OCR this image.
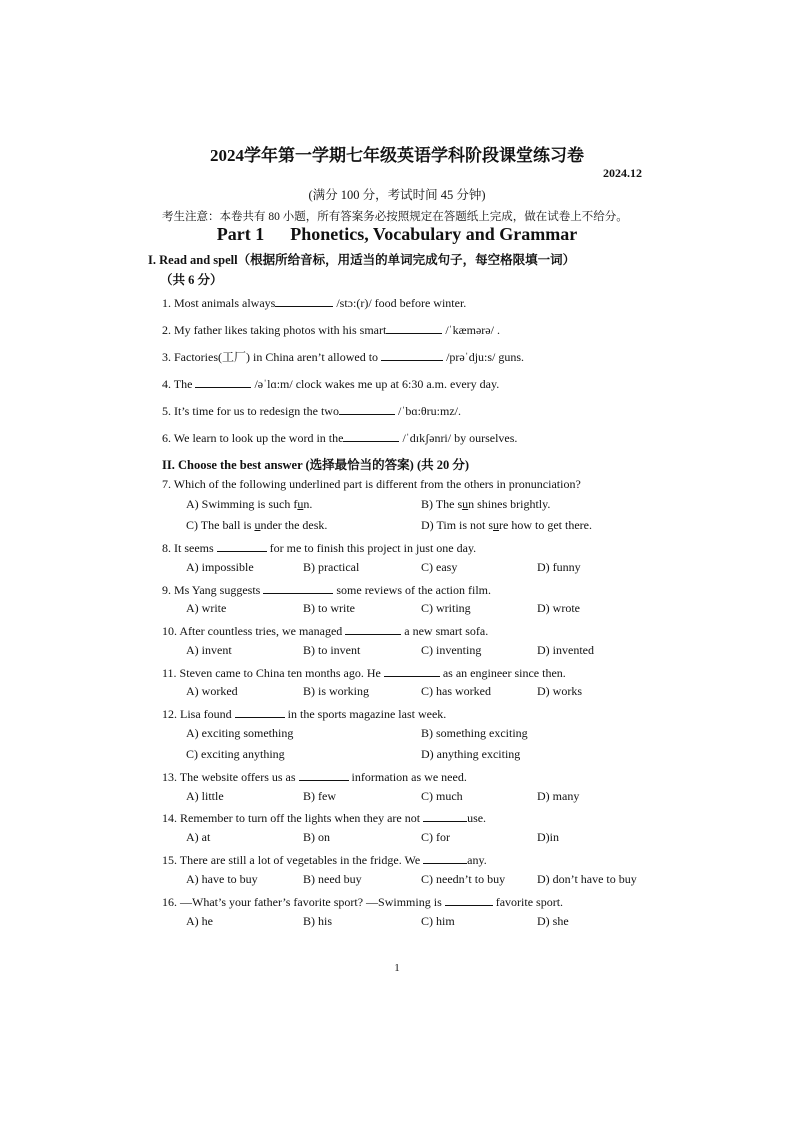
2024学年第一学期七年级英语学科阶段课堂练习卷
2024.12
(满分 100 分，考试时间 45 分钟)
考生注意：本卷共有 80 小题，所有答案务必按照规定在答题纸上完成，做在试卷上不给分。
Part 1 Phonetics, Vocabulary and Grammar
I. Read and spell（根据所给音标，用适当的单词完成句子，每空格限填一词）
（共 6 分）
1. Most animals always	/stɔ:(r)/ food before winter.
2. My father likes taking photos with his smart	/ˈkæmərə/ .
3. Factories(工厂) in China aren’t allowed to	/prəˈdju:s/ guns.
4. The	/əˈlɑ:m/ clock wakes me up at 6:30 a.m. every day.
5. It’s time for us to redesign the two	/ˈbɑ:θru:mz/.
6. We learn to look up the word in the	/ˈdɪkʃənri/ by ourselves.
II. Choose the best answer (选择最恰当的答案) (共 20 分)
7. Which of the following underlined part is different from the others in pronunciation?
A) Swimming is such fun.	B) The sun shines brightly.
C) The ball is under the desk.	D) Tim is not sure how to get there.
8. It seems	for me to finish this project in just one day.
A) impossible	B) practical	C) easy	D) funny
9. Ms Yang suggests	some reviews of the action film.
A) write	B) to write	C) writing	D) wrote
10. After countless tries, we managed	a new smart sofa.
A) invent	B) to invent	C) inventing	D) invented
11. Steven came to China ten months ago. He	as an engineer since then.
A) worked	B) is working	C) has worked	D) works
12. Lisa found	in the sports magazine last week.
A) exciting something	B) something exciting
C) exciting anything	D) anything exciting
13. The website offers us as	information as we need.
A) little	B) few	C) much	D) many
14. Remember to turn off the lights when they are not	use.
A) at	B) on	C) for	D)in
15. There are still a lot of vegetables in the fridge. We	any.
A) have to buy	B) need buy	C) needn’t to buy	D) don’t have to buy
16. —What’s your father’s favorite sport? —Swimming is	favorite sport.
A) he	B) his	C) him	D) she
1
